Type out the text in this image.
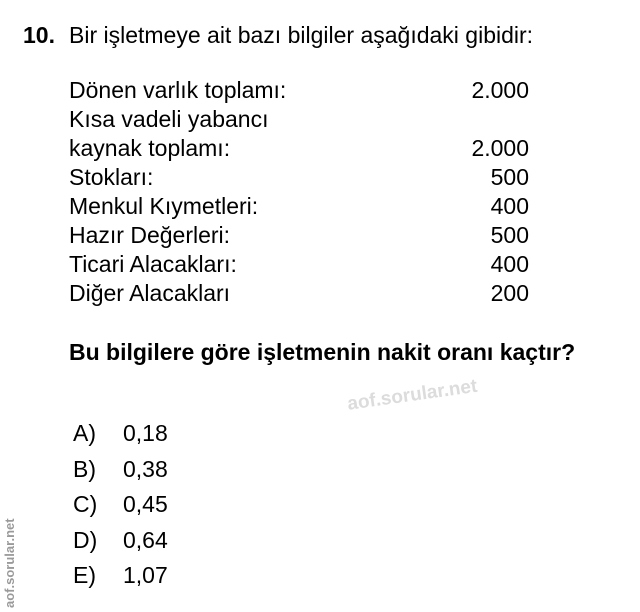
10. Bir işletmeye ait bazı bilgiler aşağıdaki gibidir:
Dönen varlık toplamı:	2.000
Kısa vadeli yabancı
kaynak toplamı:	2.000
Stokları:	500
Menkul Kıymetleri:	400
Hazır Değerleri:	500
Ticari Alacakları:	400
Diğer Alacakları	200
Bu bilgilere göre işletmenin nakit oranı kaçtır?
aof.sorular.net
A) 0,18
B) 0,38
C) 0,45
D) 0,64
E) 1,07
aof.sorular.net
